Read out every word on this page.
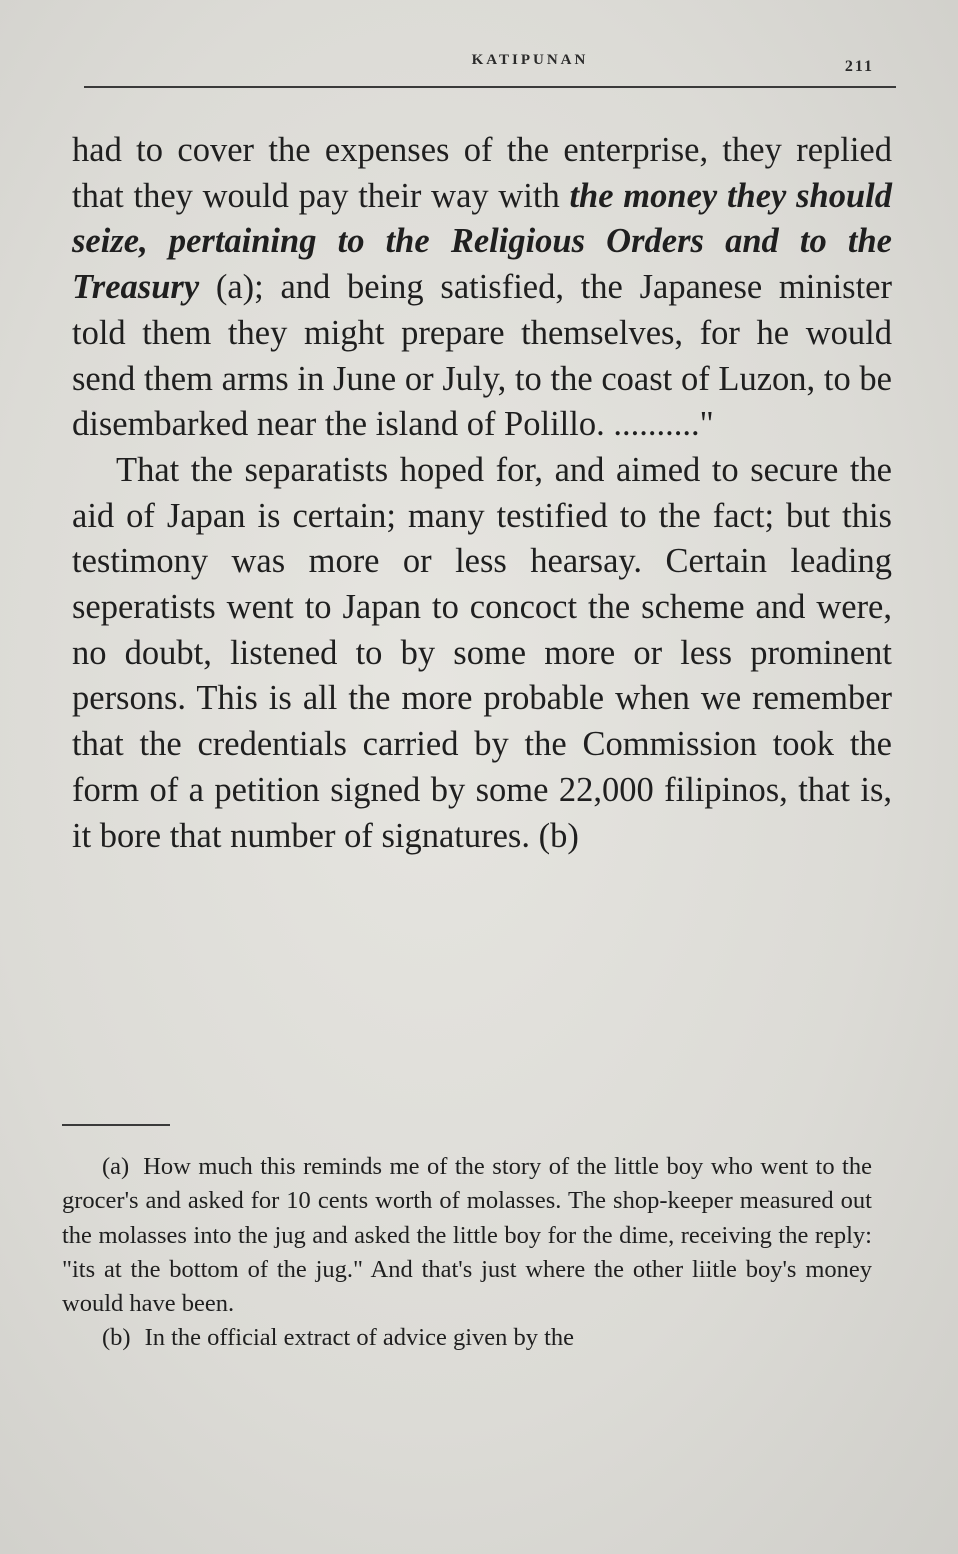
KATIPUNAN	211

had to cover the expenses of the enterprise, they replied that they would pay their way with the money they should seize, pertaining to the Religious Orders and to the Treasury (a); and being satisfied, the Japanese minister told them they might prepare themselves, for he would send them arms in June or July, to the coast of Luzon, to be disembarked near the island of Polillo. .........."

That the separatists hoped for, and aimed to secure the aid of Japan is certain; many testified to the fact; but this testimony was more or less hearsay. Certain leading seperatists went to Japan to concoct the scheme and were, no doubt, listened to by some more or less prominent persons. This is all the more probable when we remember that the credentials carried by the Commission took the form of a petition signed by some 22,000 filipinos, that is, it bore that number of signatures. (b)

(a) How much this reminds me of the story of the little boy who went to the grocer's and asked for 10 cents worth of molasses. The shop-keeper measured out the molasses into the jug and asked the little boy for the dime, receiving the reply: "its at the bottom of the jug." And that's just where the other liitle boy's money would have been.

(b) In the official extract of advice given by the
